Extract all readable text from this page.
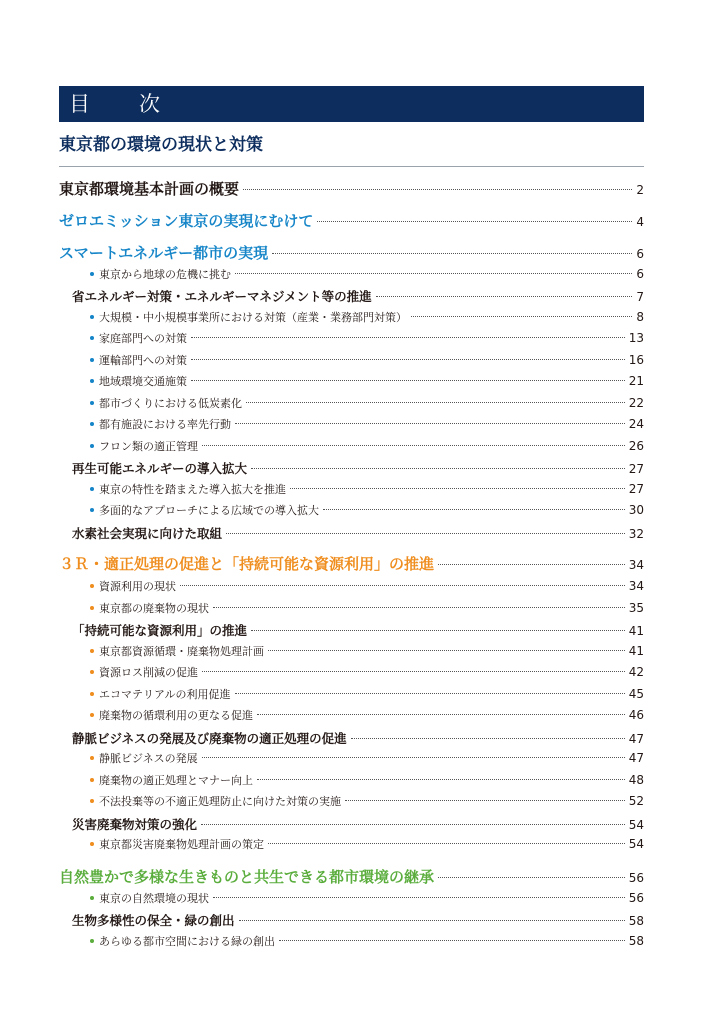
目　次
東京都の環境の現状と対策
東京都環境基本計画の概要	2
ゼロエミッション東京の実現にむけて	4
スマートエネルギー都市の実現	6
東京から地球の危機に挑む	6
省エネルギー対策・エネルギーマネジメント等の推進	7
大規模・中小規模事業所における対策（産業・業務部門対策）	8
家庭部門への対策	13
運輸部門への対策	16
地域環境交通施策	21
都市づくりにおける低炭素化	22
都有施設における率先行動	24
フロン類の適正管理	26
再生可能エネルギーの導入拡大	27
東京の特性を踏まえた導入拡大を推進	27
多面的なアプローチによる広域での導入拡大	30
水素社会実現に向けた取組	32
３Ｒ・適正処理の促進と「持続可能な資源利用」の推進	34
資源利用の現状	34
東京都の廃棄物の現状	35
「持続可能な資源利用」の推進	41
東京都資源循環・廃棄物処理計画	41
資源ロス削減の促進	42
エコマテリアルの利用促進	45
廃棄物の循環利用の更なる促進	46
静脈ビジネスの発展及び廃棄物の適正処理の促進	47
静脈ビジネスの発展	47
廃棄物の適正処理とマナー向上	48
不法投棄等の不適正処理防止に向けた対策の実施	52
災害廃棄物対策の強化	54
東京都災害廃棄物処理計画の策定	54
自然豊かで多様な生きものと共生できる都市環境の継承	56
東京の自然環境の現状	56
生物多様性の保全・緑の創出	58
あらゆる都市空間における緑の創出	58
